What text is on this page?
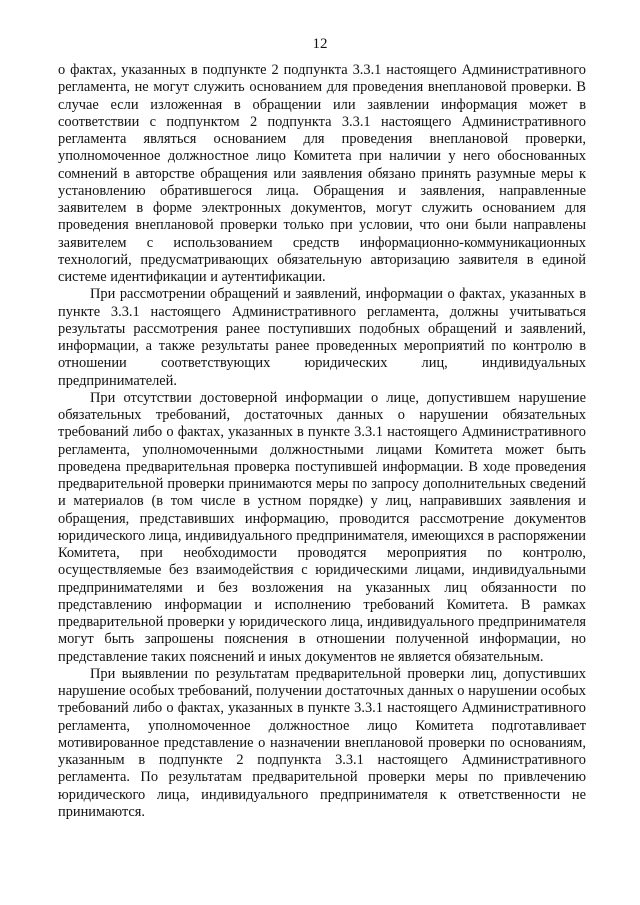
12

о фактах, указанных в подпункте 2 подпункта 3.3.1 настоящего Административного регламента, не могут служить основанием для проведения внеплановой проверки. В случае если изложенная в обращении или заявлении информация может в соответствии с подпунктом 2 подпункта 3.3.1 настоящего Административного регламента являться основанием для проведения внеплановой проверки, уполномоченное должностное лицо Комитета при наличии у него обоснованных сомнений в авторстве обращения или заявления обязано принять разумные меры к установлению обратившегося лица. Обращения и заявления, направленные заявителем в форме электронных документов, могут служить основанием для проведения внеплановой проверки только при условии, что они были направлены заявителем с использованием средств информационно-коммуникационных технологий, предусматривающих обязательную авторизацию заявителя в единой системе идентификации и аутентификации.

При рассмотрении обращений и заявлений, информации о фактах, указанных в пункте 3.3.1 настоящего Административного регламента, должны учитываться результаты рассмотрения ранее поступивших подобных обращений и заявлений, информации, а также результаты ранее проведенных мероприятий по контролю в отношении соответствующих юридических лиц, индивидуальных предпринимателей.

При отсутствии достоверной информации о лице, допустившем нарушение обязательных требований, достаточных данных о нарушении обязательных требований либо о фактах, указанных в пункте 3.3.1 настоящего Административного регламента, уполномоченными должностными лицами Комитета может быть проведена предварительная проверка поступившей информации. В ходе проведения предварительной проверки принимаются меры по запросу дополнительных сведений и материалов (в том числе в устном порядке) у лиц, направивших заявления и обращения, представивших информацию, проводится рассмотрение документов юридического лица, индивидуального предпринимателя, имеющихся в распоряжении Комитета, при необходимости проводятся мероприятия по контролю, осуществляемые без взаимодействия с юридическими лицами, индивидуальными предпринимателями и без возложения на указанных лиц обязанности по представлению информации и исполнению требований Комитета. В рамках предварительной проверки у юридического лица, индивидуального предпринимателя могут быть запрошены пояснения в отношении полученной информации, но представление таких пояснений и иных документов не является обязательным.

При выявлении по результатам предварительной проверки лиц, допустивших нарушение особых требований, получении достаточных данных о нарушении особых требований либо о фактах, указанных в пункте 3.3.1 настоящего Административного регламента, уполномоченное должностное лицо Комитета подготавливает мотивированное представление о назначении внеплановой проверки по основаниям, указанным в подпункте 2 подпункта 3.3.1 настоящего Административного регламента. По результатам предварительной проверки меры по привлечению юридического лица, индивидуального предпринимателя к ответственности не принимаются.
